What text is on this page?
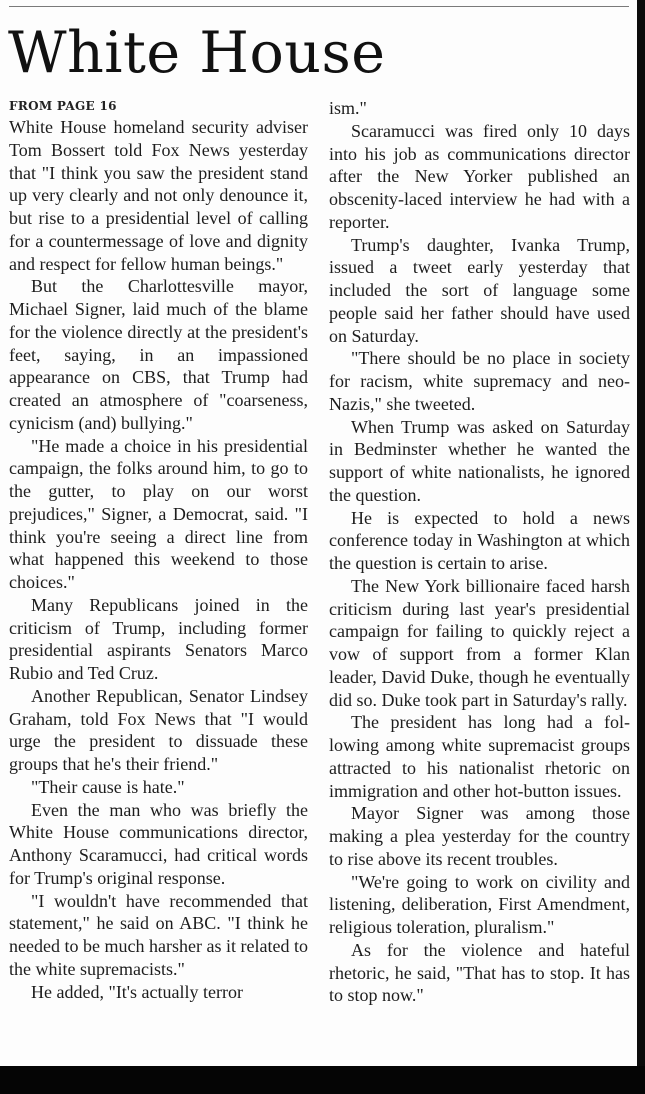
White House
FROM PAGE 16

White House homeland security adviser Tom Bossert told Fox News yesterday that "I think you saw the president stand up very clearly and not only denounce it, but rise to a presidential level of calling for a countermessage of love and dignity and respect for fellow human beings."

But the Charlottesville mayor, Michael Signer, laid much of the blame for the violence directly at the president's feet, saying, in an impassioned appearance on CBS, that Trump had created an atmosphere of "coarseness, cynicism (and) bullying."

"He made a choice in his presidential campaign, the folks around him, to go to the gutter, to play on our worst prejudices," Signer, a Democrat, said. "I think you're seeing a direct line from what happened this weekend to those choices."

Many Republicans joined in the criticism of Trump, including former presidential aspirants Senators Marco Rubio and Ted Cruz.

Another Republican, Senator Lindsey Graham, told Fox News that "I would urge the president to dissuade these groups that he's their friend."

"Their cause is hate."

Even the man who was briefly the White House communications director, Anthony Scaramucci, had critical words for Trump's original response.

"I wouldn't have recommended that statement," he said on ABC. "I think he needed to be much harsher as it related to the white supremacists."

He added, "It's actually terror

ism."

Scaramucci was fired only 10 days into his job as communications director after the New Yorker published an obscenity-laced interview he had with a reporter.

Trump's daughter, Ivanka Trump, issued a tweet early yesterday that included the sort of language some people said her father should have used on Saturday.

"There should be no place in society for racism, white supremacy and neo-Nazis," she tweeted.

When Trump was asked on Saturday in Bedminster whether he wanted the support of white nationalists, he ignored the question.

He is expected to hold a news conference today in Washington at which the question is certain to arise.

The New York billionaire faced harsh criticism during last year's presidential campaign for failing to quickly reject a vow of support from a former Klan leader, David Duke, though he eventually did so. Duke took part in Saturday's rally.

The president has long had a following among white supremacist groups attracted to his nationalist rhetoric on immigration and other hot-button issues.

Mayor Signer was among those making a plea yesterday for the country to rise above its recent troubles.

"We're going to work on civility and listening, deliberation, First Amendment, religious toleration, pluralism."

As for the violence and hateful rhetoric, he said, "That has to stop. It has to stop now."
